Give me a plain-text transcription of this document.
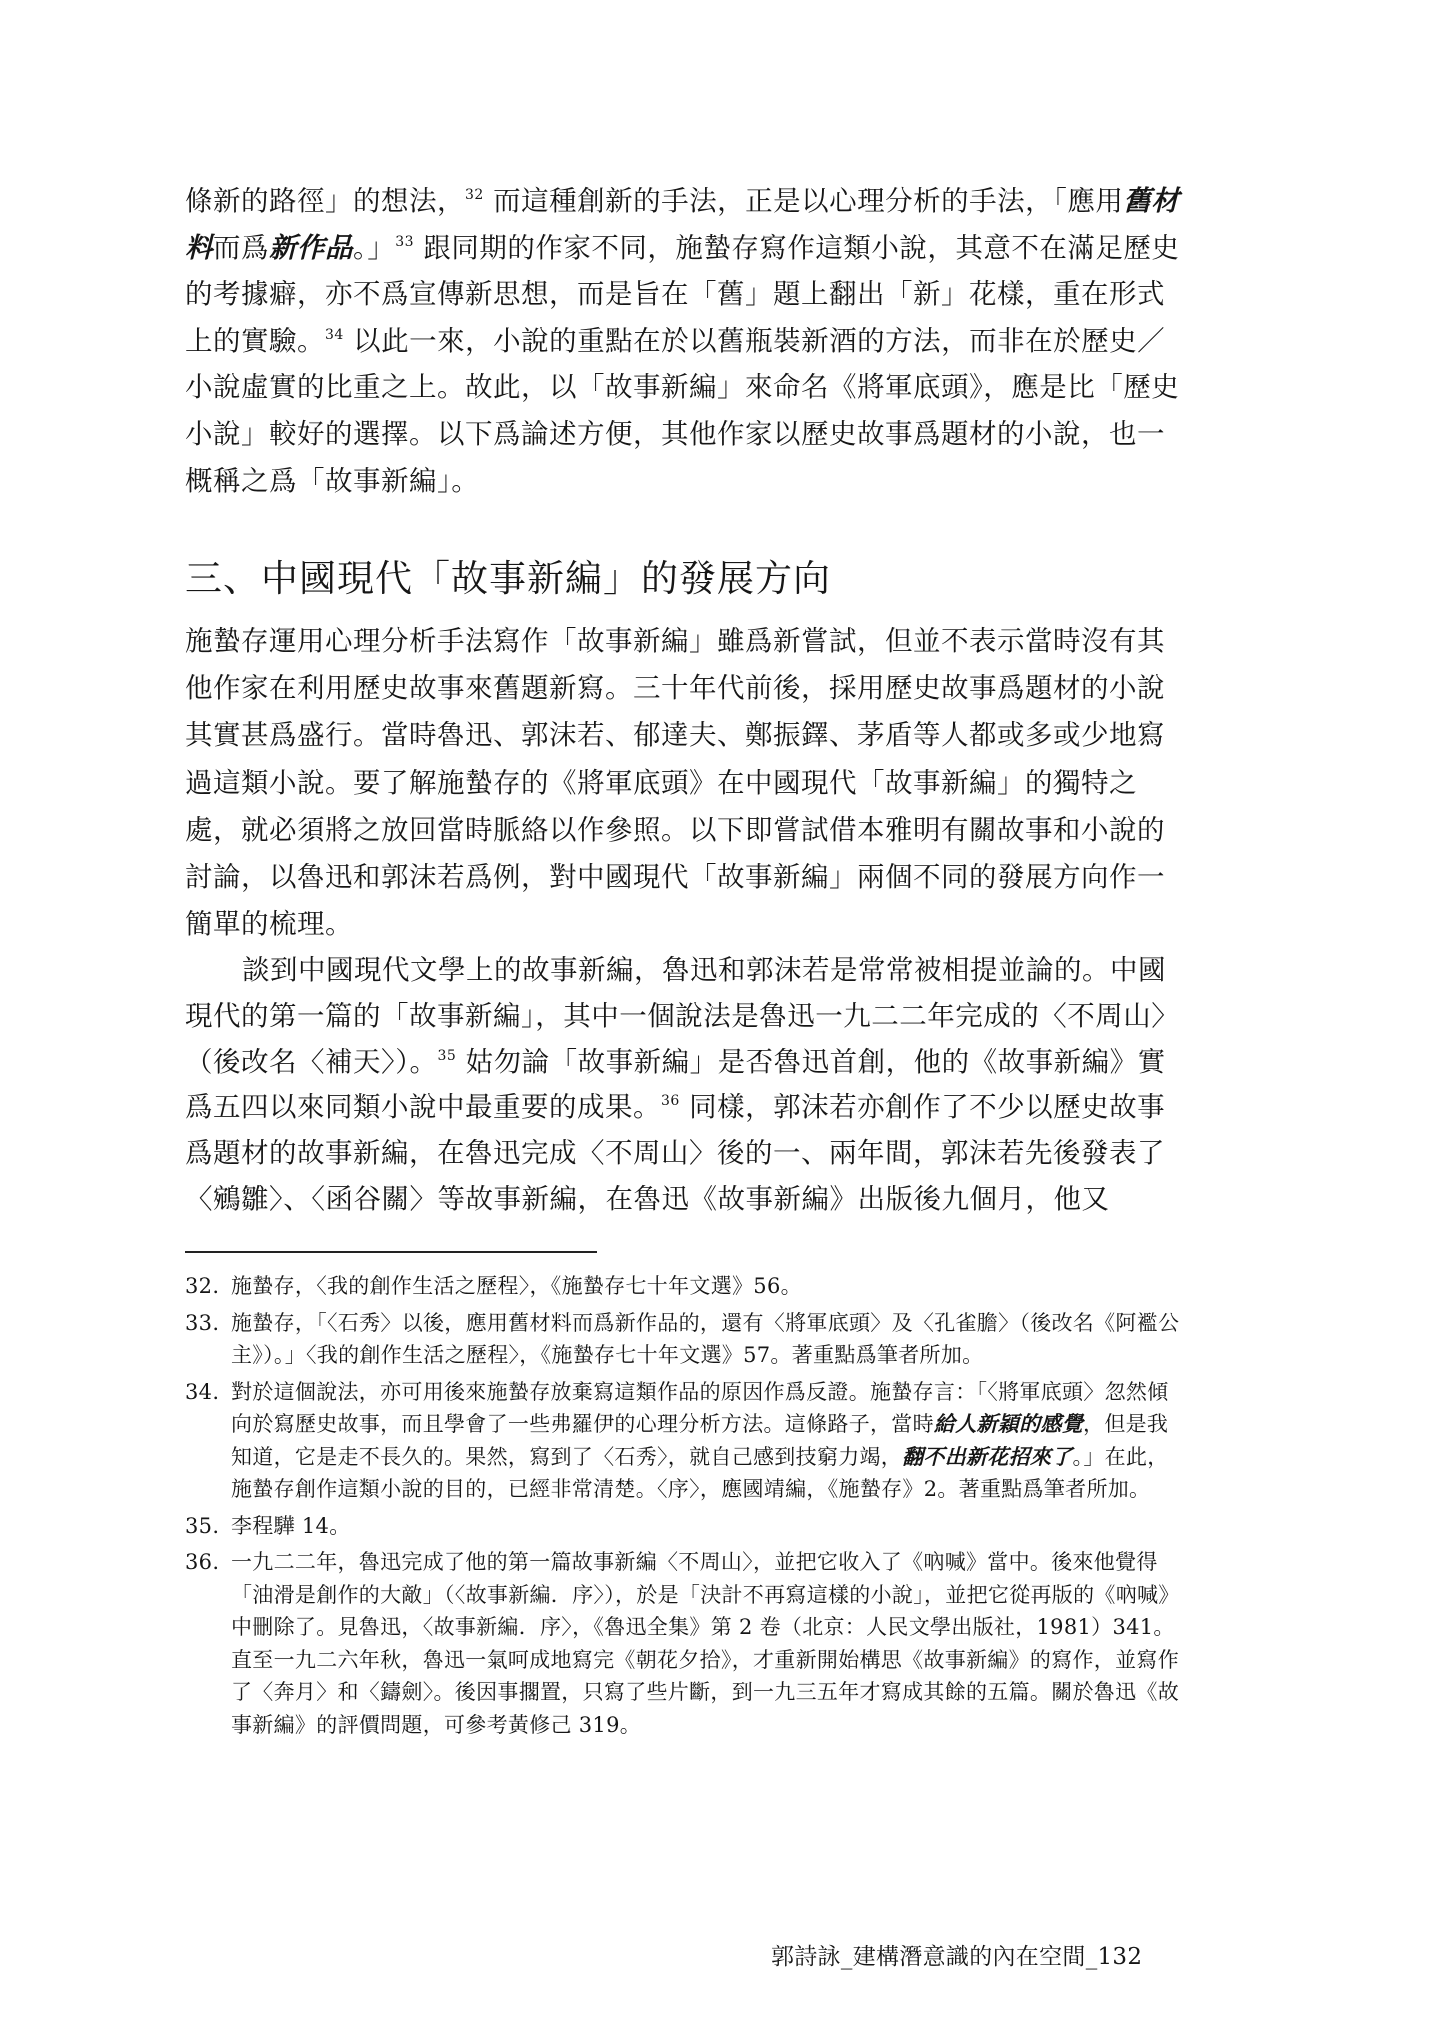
條新的路徑」的想法，$^{32}$ 而這種創新的手法，正是以心理分析的手法，「應用舊材料而爲新作品。」$^{33}$ 跟同期的作家不同，施蟄存寫作這類小說，其意不在滿足歷史的考據癖，亦不爲宣傳新思想，而是旨在「舊」題上翻出「新」花樣，重在形式上的實驗。$^{34}$ 以此一來，小說的重點在於以舊瓶裝新酒的方法，而非在於歷史／小說虛實的比重之上。故此，以「故事新編」來命名《將軍底頭》，應是比「歷史小說」較好的選擇。以下爲論述方便，其他作家以歷史故事爲題材的小說，也一概稱之爲「故事新編」。

三、中國現代「故事新編」的發展方向

施蟄存運用心理分析手法寫作「故事新編」雖爲新嘗試，但並不表示當時沒有其他作家在利用歷史故事來舊題新寫。三十年代前後，採用歷史故事爲題材的小說其實甚爲盛行。當時魯迅、郭沫若、郁達夫、鄭振鐸、茅盾等人都或多或少地寫過這類小說。要了解施蟄存的《將軍底頭》在中國現代「故事新編」的獨特之處，就必須將之放回當時脈絡以作參照。以下即嘗試借本雅明有關故事和小說的討論，以魯迅和郭沫若爲例，對中國現代「故事新編」兩個不同的發展方向作一簡單的梳理。

談到中國現代文學上的故事新編，魯迅和郭沫若是常常被相提並論的。中國現代的第一篇的「故事新編」，其中一個說法是魯迅一九二二年完成的〈不周山〉（後改名〈補天〉）。$^{35}$ 姑勿論「故事新編」是否魯迅首創，他的《故事新編》實爲五四以來同類小說中最重要的成果。$^{36}$ 同樣，郭沫若亦創作了不少以歷史故事爲題材的故事新編，在魯迅完成〈不周山〉後的一、兩年間，郭沫若先後發表了〈鵷雛〉、〈函谷關〉等故事新編，在魯迅《故事新編》出版後九個月，他又

32. 施蟄存，〈我的創作生活之歷程〉，《施蟄存七十年文選》56。
33. 施蟄存，「〈石秀〉以後，應用舊材料而爲新作品的，還有〈將軍底頭〉及〈孔雀膽〉（後改名《阿襤公主》）。」〈我的創作生活之歷程〉，《施蟄存七十年文選》57。著重點爲筆者所加。
34. 對於這個說法，亦可用後來施蟄存放棄寫這類作品的原因作爲反證。施蟄存言：「〈將軍底頭〉忽然傾向於寫歷史故事，而且學會了一些弗羅伊的心理分析方法。這條路子，當時給人新穎的感覺，但是我知道，它是走不長久的。果然，寫到了〈石秀〉，就自己感到技窮力竭，翻不出新花招來了。」在此，施蟄存創作這類小說的目的，已經非常清楚。〈序〉，應國靖編，《施蟄存》2。著重點爲筆者所加。
35. 李程驊 14。
36. 一九二二年，魯迅完成了他的第一篇故事新編〈不周山〉，並把它收入了《吶喊》當中。後來他覺得「油滑是創作的大敵」（〈故事新編．序〉），於是「決計不再寫這樣的小說」，並把它從再版的《吶喊》中刪除了。見魯迅，〈故事新編．序〉，《魯迅全集》第 2 卷（北京：人民文學出版社，1981）341。直至一九二六年秋，魯迅一氣呵成地寫完《朝花夕拾》，才重新開始構思《故事新編》的寫作，並寫作了〈奔月〉和〈鑄劍〉。後因事擱置，只寫了些片斷，到一九三五年才寫成其餘的五篇。關於魯迅《故事新編》的評價問題，可參考黃修己 319。
郭詩詠_建構潛意識的內在空間_132
